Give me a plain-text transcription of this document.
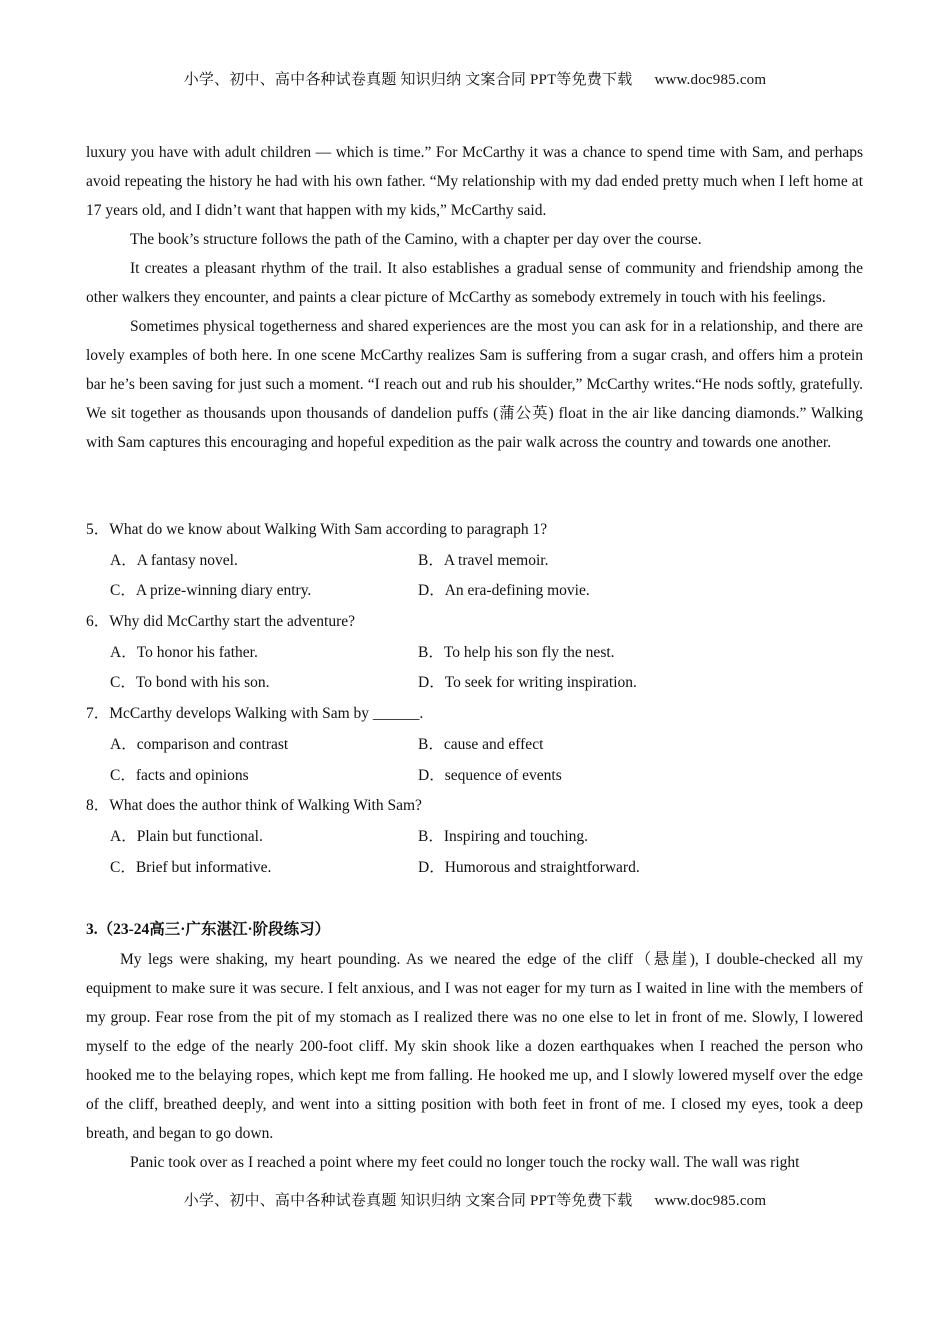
小学、初中、高中各种试卷真题 知识归纳 文案合同 PPT等免费下载 www.doc985.com

luxury you have with adult children — which is time.” For McCarthy it was a chance to spend time with Sam, and perhaps avoid repeating the history he had with his own father. “My relationship with my dad ended pretty much when I left home at 17 years old, and I didn’t want that happen with my kids,” McCarthy said.

The book’s structure follows the path of the Camino, with a chapter per day over the course.

It creates a pleasant rhythm of the trail. It also establishes a gradual sense of community and friendship among the other walkers they encounter, and paints a clear picture of McCarthy as somebody extremely in touch with his feelings.

Sometimes physical togetherness and shared experiences are the most you can ask for in a relationship, and there are lovely examples of both here. In one scene McCarthy realizes Sam is suffering from a sugar crash, and offers him a protein bar he’s been saving for just such a moment. “I reach out and rub his shoulder,” McCarthy writes.“He nods softly, gratefully. We sit together as thousands upon thousands of dandelion puffs (蒲公英) float in the air like dancing diamonds.” Walking with Sam captures this encouraging and hopeful expedition as the pair walk across the country and towards one another.

5．What do we know about Walking With Sam according to paragraph 1?

A．A fantasy novel.	B．A travel memoir.
C．A prize-winning diary entry.	D．An era-defining movie.

6．Why did McCarthy start the adventure?

A．To honor his father.	B．To help his son fly the nest.
C．To bond with his son.	D．To seek for writing inspiration.

7．McCarthy develops Walking with Sam by ______.

A．comparison and contrast	B．cause and effect
C．facts and opinions	D．sequence of events

8．What does the author think of Walking With Sam?

A．Plain but functional.	B．Inspiring and touching.
C．Brief but informative.	D．Humorous and straightforward.
3.（23-24高三·广东湛江·阶段练习）

My legs were shaking, my heart pounding. As we neared the edge of the cliff（悬崖), I double-checked all my equipment to make sure it was secure. I felt anxious, and I was not eager for my turn as I waited in line with the members of my group. Fear rose from the pit of my stomach as I realized there was no one else to let in front of me. Slowly, I lowered myself to the edge of the nearly 200-foot cliff. My skin shook like a dozen earthquakes when I reached the person who hooked me to the belaying ropes, which kept me from falling. He hooked me up, and I slowly lowered myself over the edge of the cliff, breathed deeply, and went into a sitting position with both feet in front of me. I closed my eyes, took a deep breath, and began to go down.

Panic took over as I reached a point where my feet could no longer touch the rocky wall. The wall was right

小学、初中、高中各种试卷真题 知识归纳 文案合同 PPT等免费下载 www.doc985.com
